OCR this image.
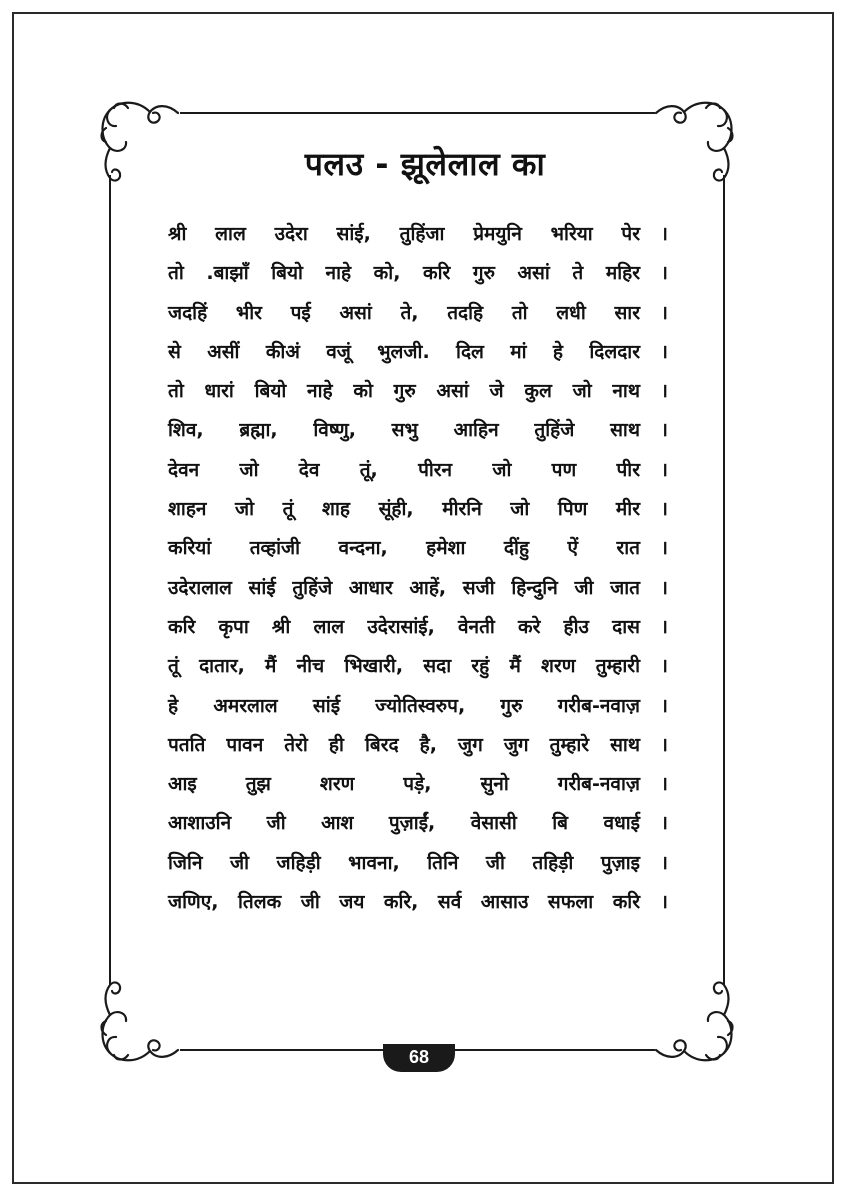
पलउ - झूलेलाल का
श्री लाल उदेरा सांई, तुहिंजा प्रेमयुनि भरिया पेर	।
तो .बाझाँ बियो नाहे को, करि गुरु असां ते महिर	।
जदहिं भीर पई असां ते, तदहि तो लधी सार	।
से असीं कीअं वजूं भुलजी. दिल मां हे दिलदार	।
तो धारां बियो नाहे को गुरु असां जे कुल जो नाथ	।
शिव, ब्रह्मा, विष्णु, सभु आहिन तुहिंजे साथ	।
देवन जो देव तूं, पीरन जो पण पीर	।
शाहन जो तूं शाह सूंही, मीरनि जो पिण मीर	।
करियां तव्हांजी वन्दना, हमेशा दींहु ऐं रात	।
उदेरालाल सांई तुहिंजे आधार आहें, सजी हिन्दुनि जी जात	।
करि कृपा श्री लाल उदेरासांई, वेनती करे हीउ दास	।
तूं दातार, मैं नीच भिखारी, सदा रहुं मैं शरण तुम्हारी	।
हे अमरलाल सांई ज्योतिस्वरुप, गुरु गरीब-नवाज़	।
पतति पावन तेरो ही बिरद है, जुग जुग तुम्हारे साथ	।
आइ तुझ शरण पड़े, सुनो गरीब-नवाज़	।
आशाउनि जी आश पुज़ाईं, वेसासी बि वधाई	।
जिनि जी जहिड़ी भावना, तिनि जी तहिड़ी पुज़ाइ	।
जणिए, तिलक जी जय करि, सर्व आसाउ सफला करि	।
68
